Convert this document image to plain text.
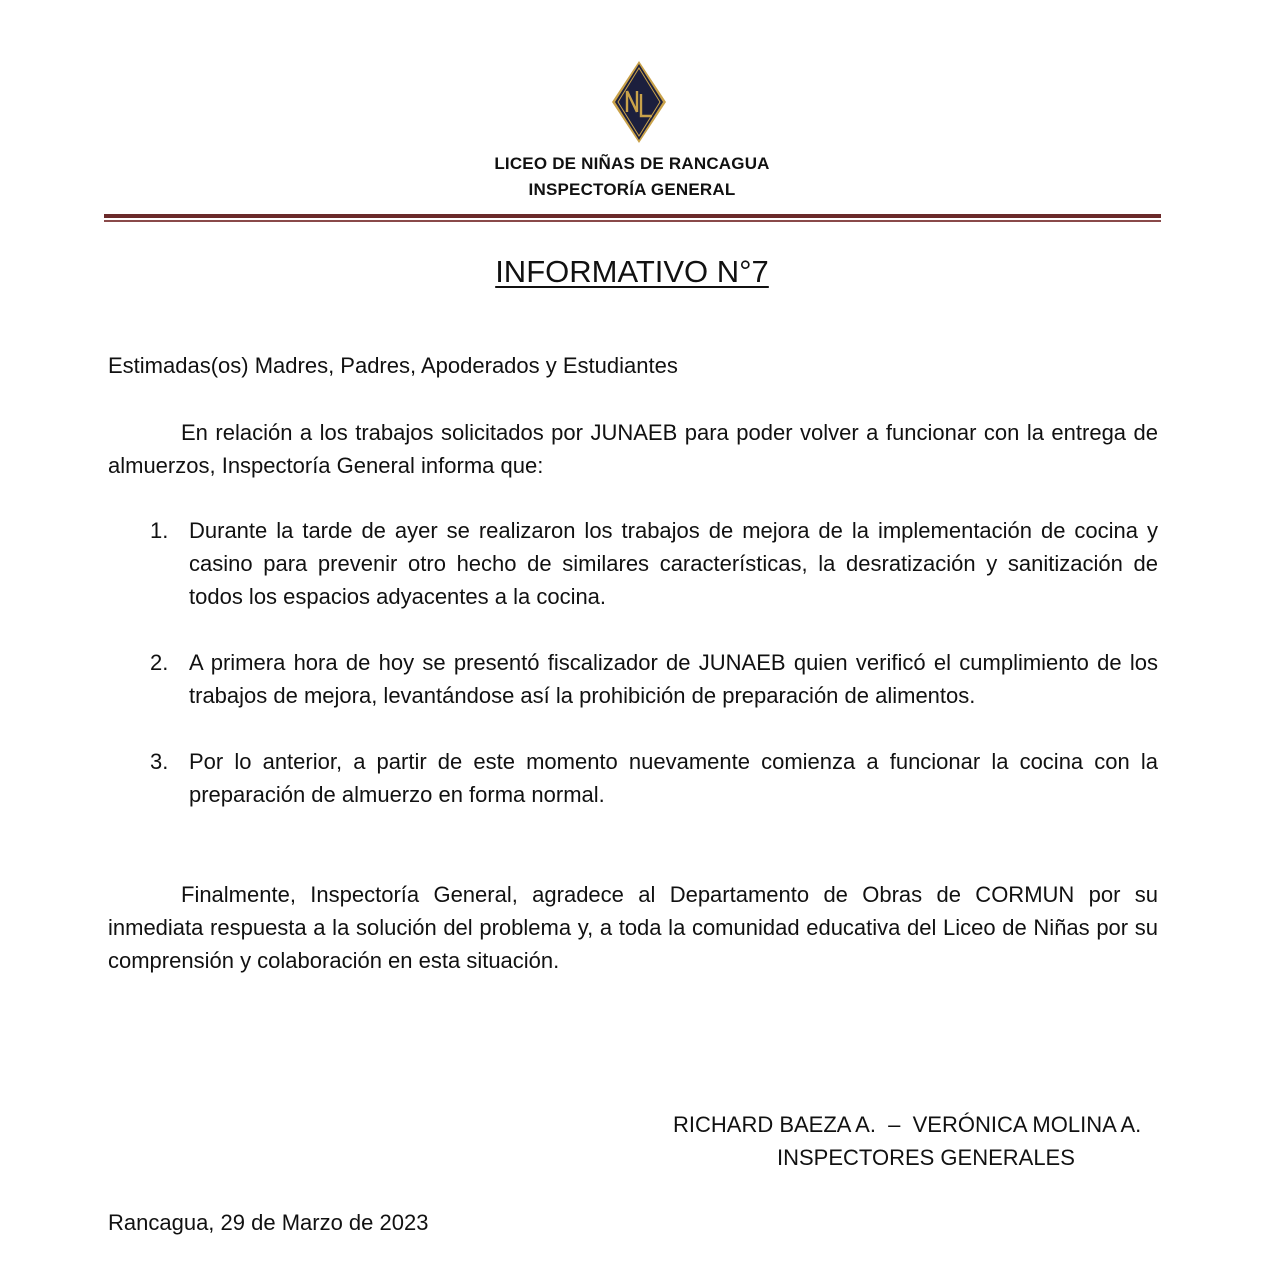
LICEO DE NIÑAS DE RANCAGUA
INSPECTORÍA GENERAL
INFORMATIVO N°7
Estimadas(os) Madres, Padres, Apoderados y Estudiantes
En relación a los trabajos solicitados por JUNAEB para poder volver a funcionar con la entrega de almuerzos, Inspectoría General informa que:
1. Durante la tarde de ayer se realizaron los trabajos de mejora de la implementación de cocina y casino para prevenir otro hecho de similares características, la desratización y sanitización de todos los espacios adyacentes a la cocina.
2. A primera hora de hoy se presentó fiscalizador de JUNAEB quien verificó el cumplimiento de los trabajos de mejora, levantándose así la prohibición de preparación de alimentos.
3. Por lo anterior, a partir de este momento nuevamente comienza a funcionar la cocina con la preparación de almuerzo en forma normal.
Finalmente, Inspectoría General, agradece al Departamento de Obras de CORMUN por su inmediata respuesta a la solución del problema y, a toda la comunidad educativa del Liceo de Niñas por su comprensión y colaboración en esta situación.
RICHARD BAEZA A.  –  VERÓNICA MOLINA A.
INSPECTORES GENERALES
Rancagua, 29 de Marzo de 2023
